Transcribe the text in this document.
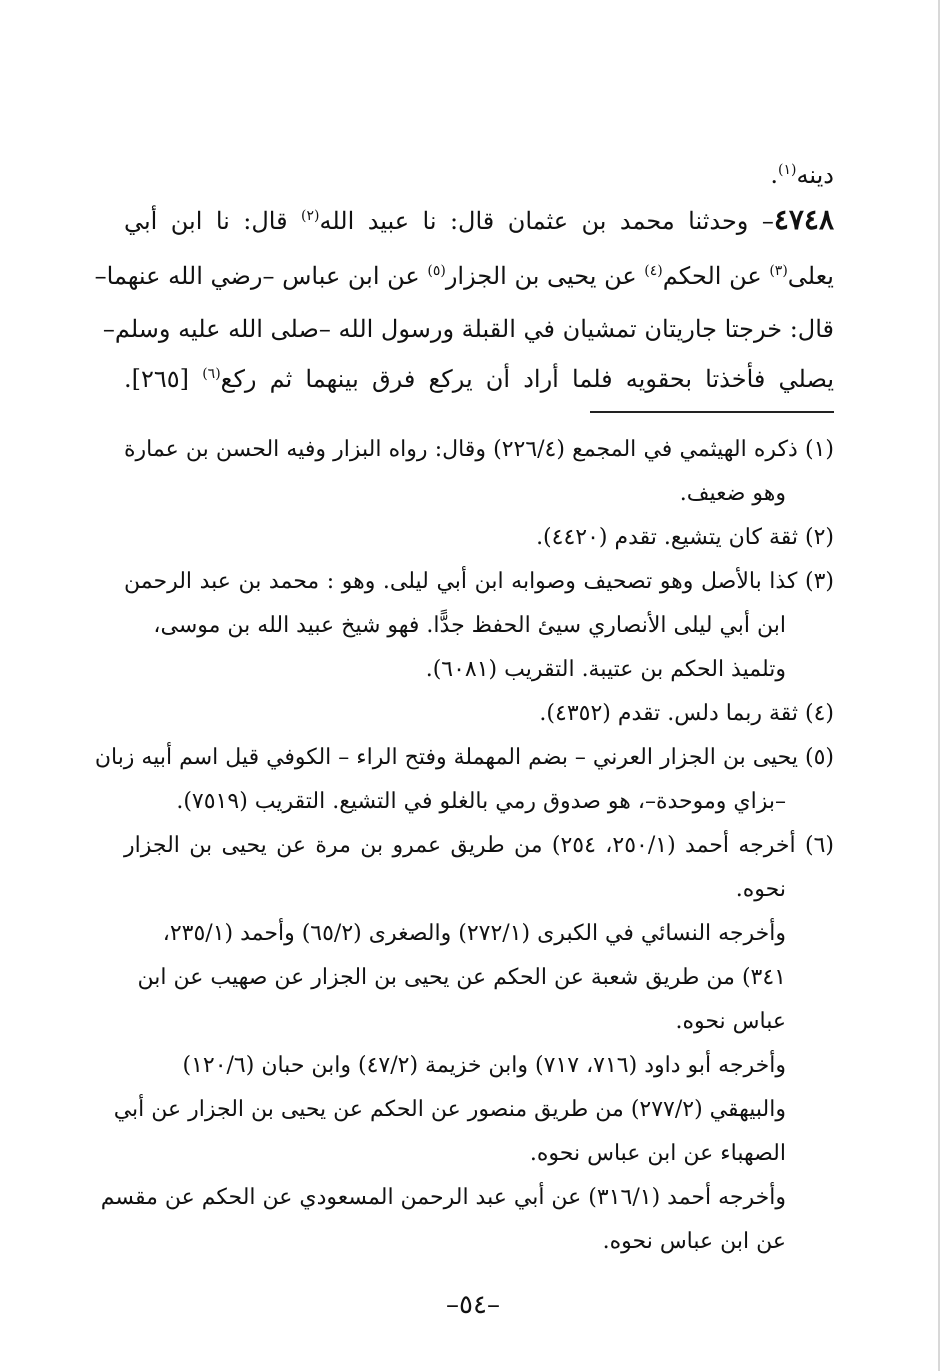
دينه$^{(١)}$.
٤٧٤٨– وحدثنا محمد بن عثمان قال: نا عبيد الله$^{(٢)}$ قال: نا ابن أبي
يعلى$^{(٣)}$ عن الحكم$^{(٤)}$ عن يحيى بن الجزار$^{(٥)}$ عن ابن عباس –رضي الله عنهما–
قال: خرجتا جاريتان تمشيان في القبلة ورسول الله –صلى الله عليه وسلم–
يصلي فأخذتا بحقويه فلما أراد أن يركع فرق بينهما ثم ركع$^{(٦)}$ [٢٦٥].
(١) ذكره الهيثمي في المجمع (٢٢٦/٤) وقال: رواه البزار وفيه الحسن بن عمارة
وهو ضعيف.
(٢) ثقة كان يتشيع. تقدم (٤٤٢٠).
(٣) كذا بالأصل وهو تصحيف وصوابه ابن أبي ليلى. وهو : محمد بن عبد الرحمن
ابن أبي ليلى الأنصاري سيئ الحفظ جدًّا. فهو شيخ عبيد الله بن موسى،
وتلميذ الحكم بن عتيبة. التقريب (٦٠٨١).
(٤) ثقة ربما دلس. تقدم (٤٣٥٢).
(٥) يحيى بن الجزار العرني – بضم المهملة وفتح الراء – الكوفي قيل اسم أبيه زبان
–بزاي وموحدة–، هو صدوق رمي بالغلو في التشيع. التقريب (٧٥١٩).
(٦) أخرجه أحمد (٢٥٠/١، ٢٥٤) من طريق عمرو بن مرة عن يحيى بن الجزار
نحوه.
وأخرجه النسائي في الكبرى (٢٧٢/١) والصغرى (٦٥/٢) وأحمد (٢٣٥/١،
٣٤١) من طريق شعبة عن الحكم عن يحيى بن الجزار عن صهيب عن ابن
عباس نحوه.
وأخرجه أبو داود (٧١٦، ٧١٧) وابن خزيمة (٤٧/٢) وابن حبان (١٢٠/٦)
والبيهقي (٢٧٧/٢) من طريق منصور عن الحكم عن يحيى بن الجزار عن أبي
الصهباء عن ابن عباس نحوه.
وأخرجه أحمد (٣١٦/١) عن أبي عبد الرحمن المسعودي عن الحكم عن مقسم
عن ابن عباس نحوه.
–٥٤–
